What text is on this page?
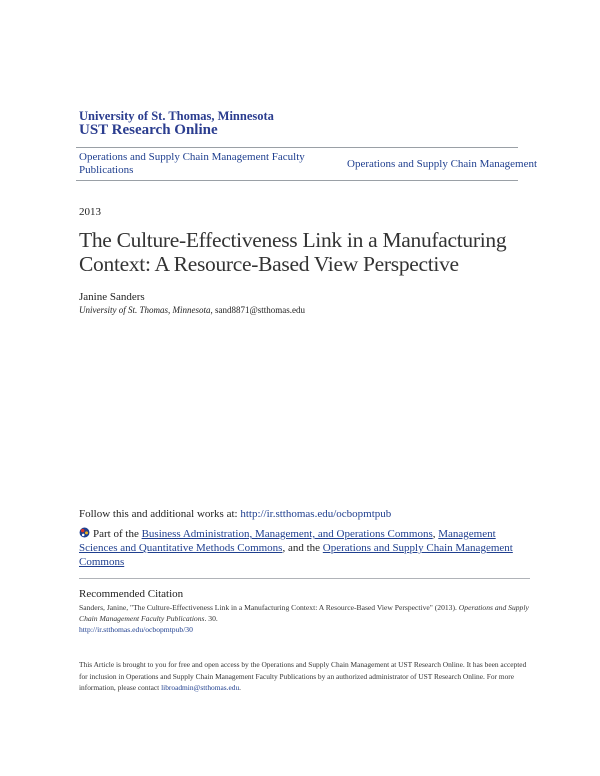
University of St. Thomas, Minnesota
UST Research Online
Operations and Supply Chain Management Faculty Publications	Operations and Supply Chain Management
2013
The Culture-Effectiveness Link in a Manufacturing Context: A Resource-Based View Perspective
Janine Sanders
University of St. Thomas, Minnesota, sand8871@stthomas.edu
Follow this and additional works at: http://ir.stthomas.edu/ocbopmtpub
Part of the Business Administration, Management, and Operations Commons, Management Sciences and Quantitative Methods Commons, and the Operations and Supply Chain Management Commons
Recommended Citation
Sanders, Janine, "The Culture-Effectiveness Link in a Manufacturing Context: A Resource-Based View Perspective" (2013). Operations and Supply Chain Management Faculty Publications. 30.
http://ir.stthomas.edu/ocbopmtpub/30
This Article is brought to you for free and open access by the Operations and Supply Chain Management at UST Research Online. It has been accepted for inclusion in Operations and Supply Chain Management Faculty Publications by an authorized administrator of UST Research Online. For more information, please contact libroadmin@stthomas.edu.
